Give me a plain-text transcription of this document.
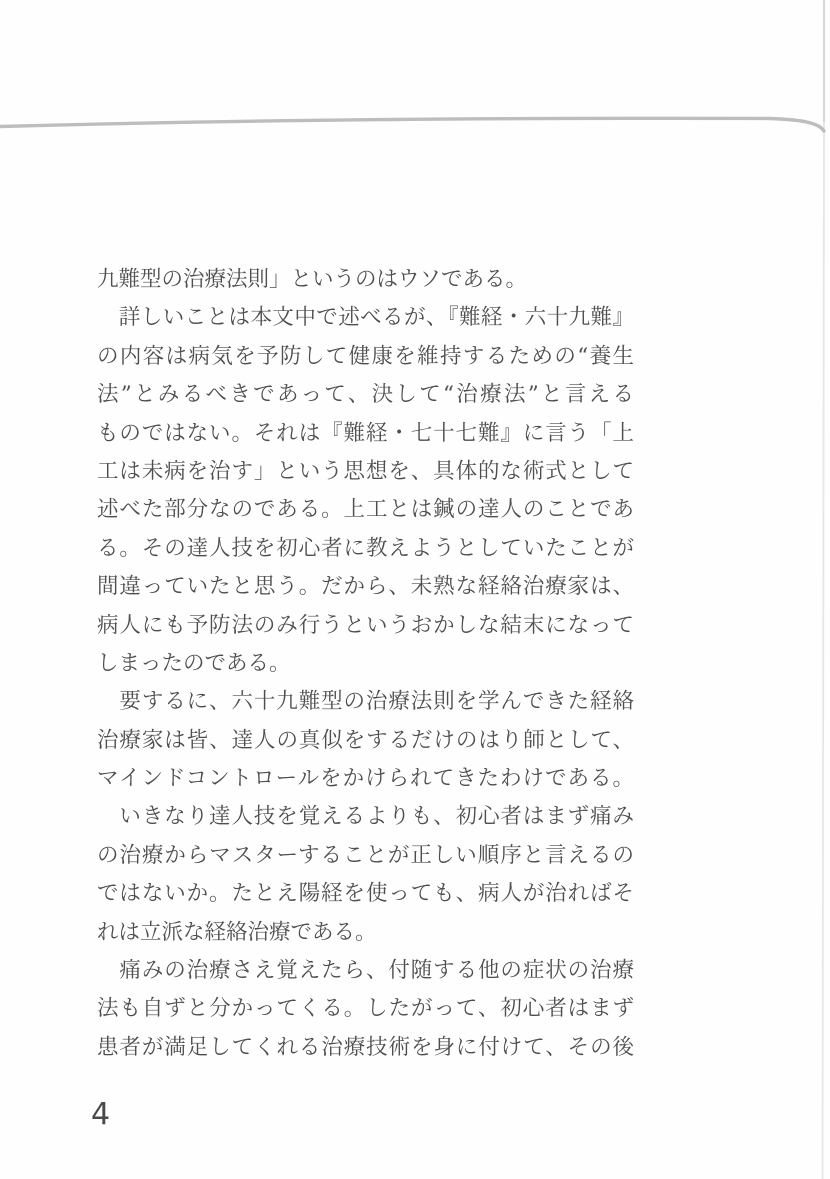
九難型の治療法則」というのはウソである。
　詳しいことは本文中で述べるが、『難経・六十九難』
の内容は病気を予防して健康を維持するための“養生
法”とみるべきであって、決して“治療法”と言える
ものではない。それは『難経・七十七難』に言う「上
工は未病を治す」という思想を、具体的な術式として
述べた部分なのである。上工とは鍼の達人のことであ
る。その達人技を初心者に教えようとしていたことが
間違っていたと思う。だから、未熟な経絡治療家は、
病人にも予防法のみ行うというおかしな結末になって
しまったのである。
　要するに、六十九難型の治療法則を学んできた経絡
治療家は皆、達人の真似をするだけのはり師として、
マインドコントロールをかけられてきたわけである。
　いきなり達人技を覚えるよりも、初心者はまず痛み
の治療からマスターすることが正しい順序と言えるの
ではないか。たとえ陽経を使っても、病人が治ればそ
れは立派な経絡治療である。
　痛みの治療さえ覚えたら、付随する他の症状の治療
法も自ずと分かってくる。したがって、初心者はまず
患者が満足してくれる治療技術を身に付けて、その後
4
